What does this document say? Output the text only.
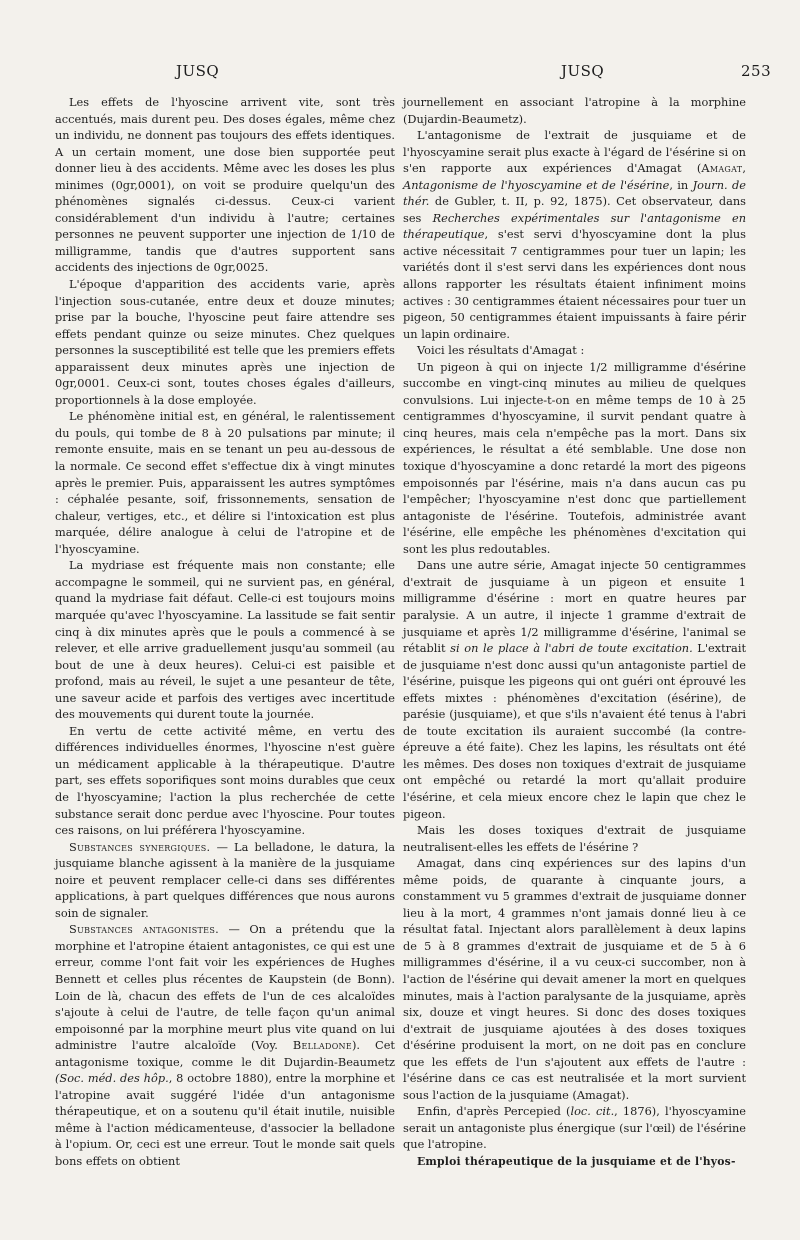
JUSQ	JUSQ	253

Les effets de l'hyoscine arrivent vite, sont très accentués, mais durent peu. Des doses égales, même chez un individu, ne donnent pas toujours des effets identiques. A un certain moment, une dose bien supportée peut donner lieu à des accidents. Même avec les doses les plus minimes (0gr,0001), on voit se produire quelqu'un des phénomènes signalés ci-dessus. Ceux-ci varient considérablement d'un individu à l'autre; certaines personnes ne peuvent supporter une injection de 1/10 de milligramme, tandis que d'autres supportent sans accidents des injections de 0gr,0025.

L'époque d'apparition des accidents varie, après l'injection sous-cutanée, entre deux et douze minutes; prise par la bouche, l'hyoscine peut faire attendre ses effets pendant quinze ou seize minutes. Chez quelques personnes la susceptibilité est telle que les premiers effets apparaissent deux minutes après une injection de 0gr,0001. Ceux-ci sont, toutes choses égales d'ailleurs, proportionnels à la dose employée.

Le phénomène initial est, en général, le ralentissement du pouls, qui tombe de 8 à 20 pulsations par minute; il remonte ensuite, mais en se tenant un peu au-dessous de la normale. Ce second effet s'effectue dix à vingt minutes après le premier. Puis, apparaissent les autres symptômes : céphalée pesante, soif, frissonnements, sensation de chaleur, vertiges, etc., et délire si l'intoxication est plus marquée, délire analogue à celui de l'atropine et de l'hyoscyamine.

La mydriase est fréquente mais non constante; elle accompagne le sommeil, qui ne survient pas, en général, quand la mydriase fait défaut. Celle-ci est toujours moins marquée qu'avec l'hyoscyamine. La lassitude se fait sentir cinq à dix minutes après que le pouls a commencé à se relever, et elle arrive graduellement jusqu'au sommeil (au bout de une à deux heures). Celui-ci est paisible et profond, mais au réveil, le sujet a une pesanteur de tête, une saveur acide et parfois des vertiges avec incertitude des mouvements qui durent toute la journée.

En vertu de cette activité même, en vertu des différences individuelles énormes, l'hyoscine n'est guère un médicament applicable à la thérapeutique. D'autre part, ses effets soporifiques sont moins durables que ceux de l'hyoscyamine; l'action la plus recherchée de cette substance serait donc perdue avec l'hyoscine. Pour toutes ces raisons, on lui préférera l'hyoscyamine.

Substances synergiques. — La belladone, le datura, la jusquiame blanche agissent à la manière de la jusquiame noire et peuvent remplacer celle-ci dans ses différentes applications, à part quelques différences que nous aurons soin de signaler.

Substances antagonistes. — On a prétendu que la morphine et l'atropine étaient antagonistes, ce qui est une erreur, comme l'ont fait voir les expériences de Hughes Bennett et celles plus récentes de Kaupstein (de Bonn). Loin de là, chacun des effets de l'un de ces alcaloïdes s'ajoute à celui de l'autre, de telle façon qu'un animal empoisonné par la morphine meurt plus vite quand on lui administre l'autre alcaloïde (Voy. Belladone). Cet antagonisme toxique, comme le dit Dujardin-Beaumetz (Soc. méd. des hôp., 8 octobre 1880), entre la morphine et l'atropine avait suggéré l'idée d'un antagonisme thérapeutique, et on a soutenu qu'il était inutile, nuisible même à l'action médicamenteuse, d'associer la belladone à l'opium. Or, ceci est une erreur. Tout le monde sait quels bons effets on obtient

journellement en associant l'atropine à la morphine (Dujardin-Beaumetz).

L'antagonisme de l'extrait de jusquiame et de l'hyoscyamine serait plus exacte à l'égard de l'ésérine si on s'en rapporte aux expériences d'Amagat (Amagat, Antagonisme de l'hyoscyamine et de l'ésérine, in Journ. de thér. de Gubler, t. II, p. 92, 1875). Cet observateur, dans ses Recherches expérimentales sur l'antagonisme en thérapeutique, s'est servi d'hyoscyamine dont la plus active nécessitait 7 centigrammes pour tuer un lapin; les variétés dont il s'est servi dans les expériences dont nous allons rapporter les résultats étaient infiniment moins actives : 30 centigrammes étaient nécessaires pour tuer un pigeon, 50 centigrammes étaient impuissants à faire périr un lapin ordinaire.

Voici les résultats d'Amagat :

Un pigeon à qui on injecte 1/2 milligramme d'ésérine succombe en vingt-cinq minutes au milieu de quelques convulsions. Lui injecte-t-on en même temps de 10 à 25 centigrammes d'hyoscyamine, il survit pendant quatre à cinq heures, mais cela n'empêche pas la mort. Dans six expériences, le résultat a été semblable. Une dose non toxique d'hyoscyamine a donc retardé la mort des pigeons empoisonnés par l'ésérine, mais n'a dans aucun cas pu l'empêcher; l'hyoscyamine n'est donc que partiellement antagoniste de l'ésérine. Toutefois, administrée avant l'ésérine, elle empêche les phénomènes d'excitation qui sont les plus redoutables.

Dans une autre série, Amagat injecte 50 centigrammes d'extrait de jusquiame à un pigeon et ensuite 1 milligramme d'ésérine : mort en quatre heures par paralysie. A un autre, il injecte 1 gramme d'extrait de jusquiame et après 1/2 milligramme d'ésérine, l'animal se rétablit si on le place à l'abri de toute excitation. L'extrait de jusquiame n'est donc aussi qu'un antagoniste partiel de l'ésérine, puisque les pigeons qui ont guéri ont éprouvé les effets mixtes : phénomènes d'excitation (ésérine), de parésie (jusquiame), et que s'ils n'avaient été tenus à l'abri de toute excitation ils auraient succombé (la contre-épreuve a été faite). Chez les lapins, les résultats ont été les mêmes. Des doses non toxiques d'extrait de jusquiame ont empêché ou retardé la mort qu'allait produire l'ésérine, et cela mieux encore chez le lapin que chez le pigeon.

Mais les doses toxiques d'extrait de jusquiame neutralisent-elles les effets de l'ésérine ?

Amagat, dans cinq expériences sur des lapins d'un même poids, de quarante à cinquante jours, a constamment vu 5 grammes d'extrait de jusquiame donner lieu à la mort, 4 grammes n'ont jamais donné lieu à ce résultat fatal. Injectant alors parallèlement à deux lapins de 5 à 8 grammes d'extrait de jusquiame et de 5 à 6 milligrammes d'ésérine, il a vu ceux-ci succomber, non à l'action de l'ésérine qui devait amener la mort en quelques minutes, mais à l'action paralysante de la jusquiame, après six, douze et vingt heures. Si donc des doses toxiques d'extrait de jusquiame ajoutées à des doses toxiques d'ésérine produisent la mort, on ne doit pas en conclure que les effets de l'un s'ajoutent aux effets de l'autre : l'ésérine dans ce cas est neutralisée et la mort survient sous l'action de la jusquiame (Amagat).

Enfin, d'après Percepied (loc. cit., 1876), l'hyoscyamine serait un antagoniste plus énergique (sur l'œil) de l'ésérine que l'atropine.

Emploi thérapeutique de la jusquiame et de l'hyos-
